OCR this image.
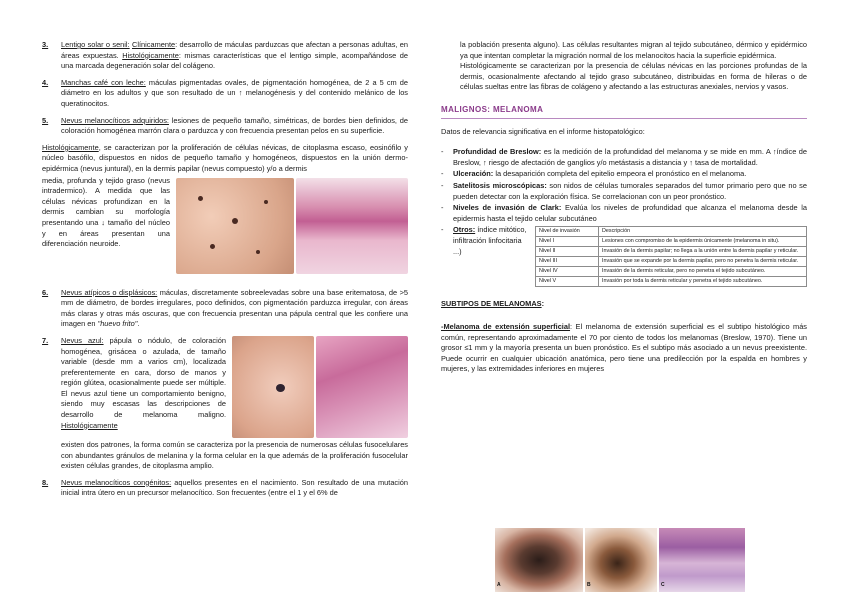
3.	Lentigo solar o senil: Clínicamente: desarrollo de máculas parduzcas que afectan a personas adultas, en áreas expuestas. Histológicamente: mismas características que el lentigo simple, acompañándose de una marcada degeneración solar del colágeno.
4.	Manchas café con leche: máculas pigmentadas ovales, de pigmentación homogénea, de 2 a 5 cm de diámetro en los adultos y que son resultado de un ↑ melanogénesis y del contenido melánico de los queratinocitos.
5.	Nevus melanocíticos adquiridos: lesiones de pequeño tamaño, simétricas, de bordes bien definidos, de coloración homogénea marrón clara o parduzca y con frecuencia presentan pelos en su superficie.

Histológicamente, se caracterizan por la proliferación de células névicas, de citoplasma escaso, eosinófilo y núcleo basófilo, dispuestos en nidos de pequeño tamaño y homogéneos, dispuestos en la unión dermo-epidérmica (nevus juntural), en la dermis papilar (nevus compuesto) y/o a dermis

media, profunda y tejido graso (nevus intradermico). A medida que las células névicas profundizan en la dermis cambian su morfología presentando una ↓ tamaño del núcleo y en áreas presentan una diferenciación neuroide.

6.	Nevus atípicos o displásicos: máculas, discretamente sobreelevadas sobre una base eritematosa, de >5 mm de diámetro, de bordes irregulares, poco definidos, con pigmentación parduzca irregular, con áreas más claras y otras más oscuras, que con frecuencia presentan una pápula central que les confiere una imagen en "huevo frito".
7.	Nevus azul: pápula o nódulo, de coloración homogénea, grisácea o azulada, de tamaño variable (desde mm a varios cm), localizada preferentemente en cara, dorso de manos y región glútea, ocasionalmente puede ser múltiple. El nevus azul tiene un comportamiento benigno, siendo muy escasas las descripciones de desarrollo de melanoma maligno. Histológicamente

existen dos patrones, la forma común se caracteriza por la presencia de numerosas células fusocelulares con abundantes gránulos de melanina y la forma celular en la que además de la proliferación fusocelular existen células grandes, de citoplasma amplio.

8.	Nevus melanocíticos congénitos: aquellos presentes en el nacimiento. Son resultado de una mutación inicial intra útero en un precursor melanocítico. Son frecuentes (entre el 1 y el 6% de

la población presenta alguno). Las células resultantes migran al tejido subcutáneo, dérmico y epidérmico ya que intentan completar la migración normal de los melanocitos hacia la superficie epidérmica.

Histológicamente se caracterizan por la presencia de células névicas en las porciones profundas de la dermis, ocasionalmente afectando al tejido graso subcutáneo, distribuidas en forma de hileras o de células sueltas entre las fibras de colágeno y afectando a las estructuras anexiales, nervios y vasos.

MALIGNOS: MELANOMA

Datos de relevancia significativa en el informe histopatológico:

- Profundidad de Breslow: es la medición de la profundidad del melanoma y se mide en mm. A ↑índice de Breslow, ↑ riesgo de afectación de ganglios y/o metástasis a distancia y ↑ tasa de mortalidad.
- Ulceración: la desaparición completa del epitelio empeora el pronóstico en el melanoma.
- Satelitosis microscópicas: son nidos de células tumorales separados del tumor primario pero que no se pueden detectar con la exploración física. Se correlacionan con un peor pronóstico.
- Niveles de invasión de Clark: Evalúa los niveles de profundidad que alcanza el melanoma desde la epidermis hasta el tejido celular subcutáneo
- Nivel de invasión	Descripción
Nivel I	Lesiones con compromiso de la epidermis únicamente (melanoma in situ).
Nivel II	Invasión de la dermis papilar; no llega a la unión entre la dermis papilar y reticular.
Nivel III	Invasión que se expande por la dermis papilar, pero no penetra la dermis reticular.
Nivel IV	Invasión de la dermis reticular, pero no penetra el tejido subcutáneo.
Nivel V	Invasión por toda la dermis reticular y penetra el tejido subcutáneo.
Otros: índice mitótico, infiltración linfocitaria ...)

SUBTIPOS DE MELANOMAS:

-Melanoma de extensión superficial: El melanoma de extensión superficial es el subtipo histológico más común, representando aproximadamente el 70 por ciento de todos los melanomas (Breslow, 1970). Tiene un grosor ≤1 mm y la mayoría presenta un buen pronóstico. Es el subtipo más asociado a un nevus preexistente. Puede ocurrir en cualquier ubicación anatómica, pero tiene una predilección por la espalda en hombres y mujeres, y las extremidades inferiores en mujeres

A	B	C
